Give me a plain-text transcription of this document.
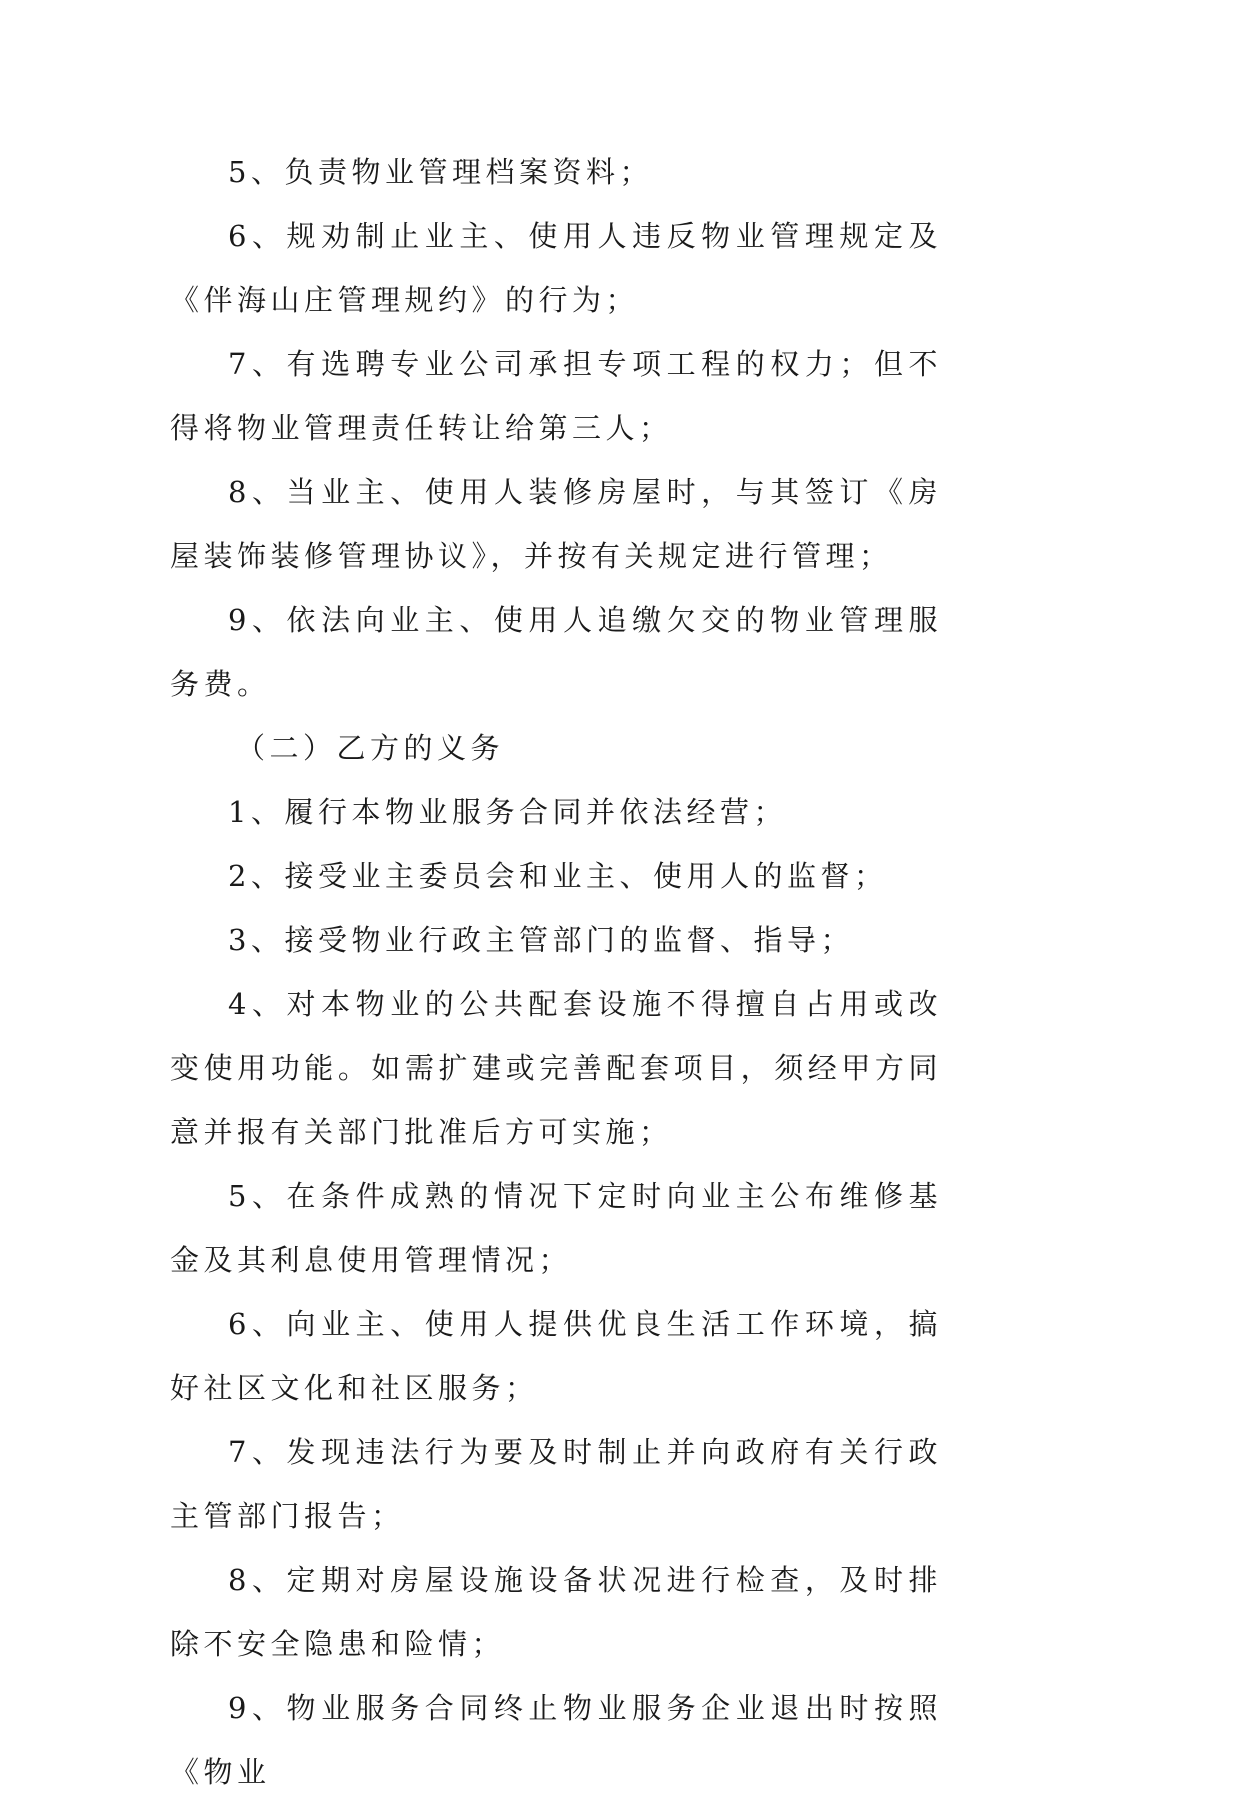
5、负责物业管理档案资料；

6、规劝制止业主、使用人违反物业管理规定及《伴海山庄管理规约》的行为；

7、有选聘专业公司承担专项工程的权力；但不得将物业管理责任转让给第三人；

8、当业主、使用人装修房屋时，与其签订《房屋装饰装修管理协议》，并按有关规定进行管理；

9、依法向业主、使用人追缴欠交的物业管理服务费。

（二）乙方的义务

1、履行本物业服务合同并依法经营；

2、接受业主委员会和业主、使用人的监督；

3、接受物业行政主管部门的监督、指导；

4、对本物业的公共配套设施不得擅自占用或改变使用功能。如需扩建或完善配套项目，须经甲方同意并报有关部门批准后方可实施；

5、在条件成熟的情况下定时向业主公布维修基金及其利息使用管理情况；

6、向业主、使用人提供优良生活工作环境，搞好社区文化和社区服务；

7、发现违法行为要及时制止并向政府有关行政主管部门报告；

8、定期对房屋设施设备状况进行检查，及时排除不安全隐患和险情；

9、物业服务合同终止物业服务企业退出时按照《物业
